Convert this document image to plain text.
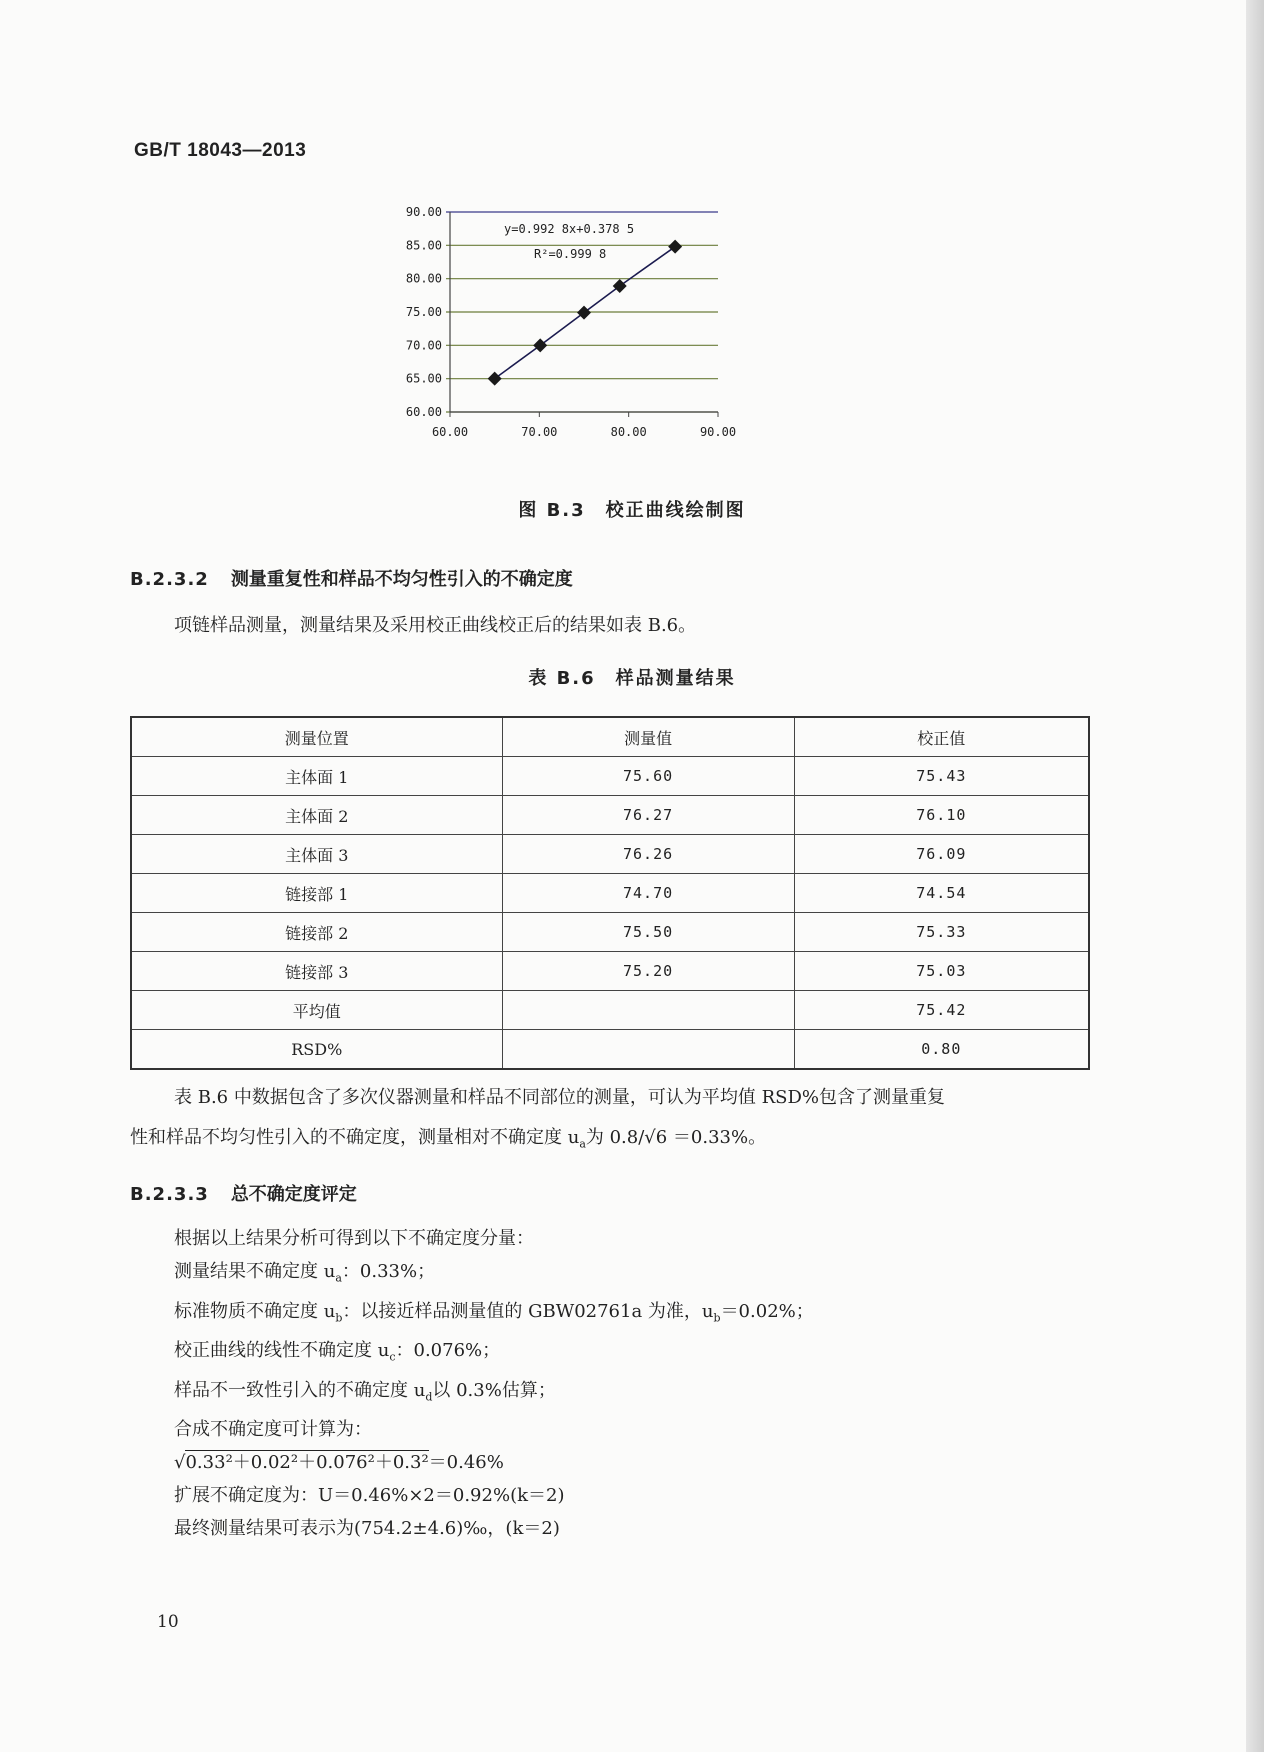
GB/T 18043—2013
60.00
65.00
70.00
75.00
80.00
85.00
90.00
60.00	70.00	80.00	90.00
y=0.992 8x+0.378 5
R²=0.999 8
图 B.3　校正曲线绘制图
B.2.3.2 测量重复性和样品不均匀性引入的不确定度
项链样品测量，测量结果及采用校正曲线校正后的结果如表 B.6。
表 B.6　样品测量结果
测量位置	测量值	校正值
主体面 1	75.60	75.43
主体面 2	76.27	76.10
主体面 3	76.26	76.09
链接部 1	74.70	74.54
链接部 2	75.50	75.33
链接部 3	75.20	75.03
平均值		75.42
RSD%		0.80
表 B.6 中数据包含了多次仪器测量和样品不同部位的测量，可认为平均值 RSD%包含了测量重复
性和样品不均匀性引入的不确定度，测量相对不确定度 $u_a$为 0.8/√6 ＝0.33%。
B.2.3.3 总不确定度评定
根据以上结果分析可得到以下不确定度分量：
测量结果不确定度 $u_a$：0.33%；
标准物质不确定度 $u_b$：以接近样品测量值的 GBW02761a 为准，$u_b=0.02\%$；
校正曲线的线性不确定度 $u_c$：0.076%；
样品不一致性引入的不确定度 $u_d$以 0.3%估算；
合成不确定度可计算为：
√0.33²＋0.02²＋0.076²＋0.3²＝0.46%
扩展不确定度为：U＝0.46%×2＝0.92%(k＝2)
最终测量结果可表示为(754.2±4.6)‰，(k＝2)
10
